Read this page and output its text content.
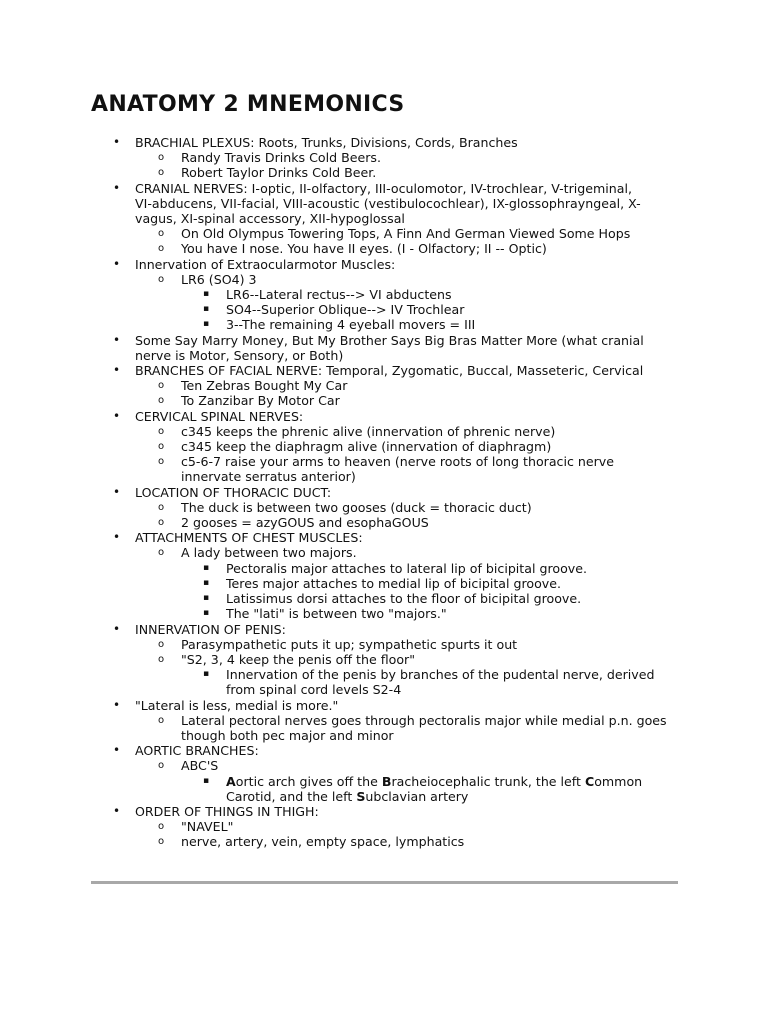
ANATOMY 2 MNEMONICS
• BRACHIAL PLEXUS: Roots, Trunks, Divisions, Cords, Branches
o Randy Travis Drinks Cold Beers.
o Robert Taylor Drinks Cold Beer.
• CRANIAL NERVES: I-optic, II-olfactory, III-oculomotor, IV-trochlear, V-trigeminal,
VI-abducens, VII-facial, VIII-acoustic (vestibulocochlear), IX-glossophrayngeal, X-
vagus, XI-spinal accessory, XII-hypoglossal
o On Old Olympus Towering Tops, A Finn And German Viewed Some Hops
o You have I nose. You have II eyes. (I - Olfactory; II -- Optic)
• Innervation of Extraocularmotor Muscles:
o LR6 (SO4) 3
▪ LR6--Lateral rectus--> VI abductens
▪ SO4--Superior Oblique--> IV Trochlear
▪ 3--The remaining 4 eyeball movers = III
• Some Say Marry Money, But My Brother Says Big Bras Matter More (what cranial
nerve is Motor, Sensory, or Both)
• BRANCHES OF FACIAL NERVE: Temporal, Zygomatic, Buccal, Masseteric, Cervical
o Ten Zebras Bought My Car
o To Zanzibar By Motor Car
• CERVICAL SPINAL NERVES:
o c345 keeps the phrenic alive (innervation of phrenic nerve)
o c345 keep the diaphragm alive (innervation of diaphragm)
o c5-6-7 raise your arms to heaven (nerve roots of long thoracic nerve
innervate serratus anterior)
• LOCATION OF THORACIC DUCT:
o The duck is between two gooses (duck = thoracic duct)
o 2 gooses = azyGOUS and esophaGOUS
• ATTACHMENTS OF CHEST MUSCLES:
o A lady between two majors.
▪ Pectoralis major attaches to lateral lip of bicipital groove.
▪ Teres major attaches to medial lip of bicipital groove.
▪ Latissimus dorsi attaches to the floor of bicipital groove.
▪ The "lati" is between two "majors."
• INNERVATION OF PENIS:
o Parasympathetic puts it up; sympathetic spurts it out
o "S2, 3, 4 keep the penis off the floor"
▪ Innervation of the penis by branches of the pudental nerve, derived
from spinal cord levels S2-4
• "Lateral is less, medial is more."
o Lateral pectoral nerves goes through pectoralis major while medial p.n. goes
though both pec major and minor
• AORTIC BRANCHES:
o ABC'S
▪ Aortic arch gives off the Bracheiocephalic trunk, the left Common
Carotid, and the left Subclavian artery
• ORDER OF THINGS IN THIGH:
o "NAVEL"
o nerve, artery, vein, empty space, lymphatics
